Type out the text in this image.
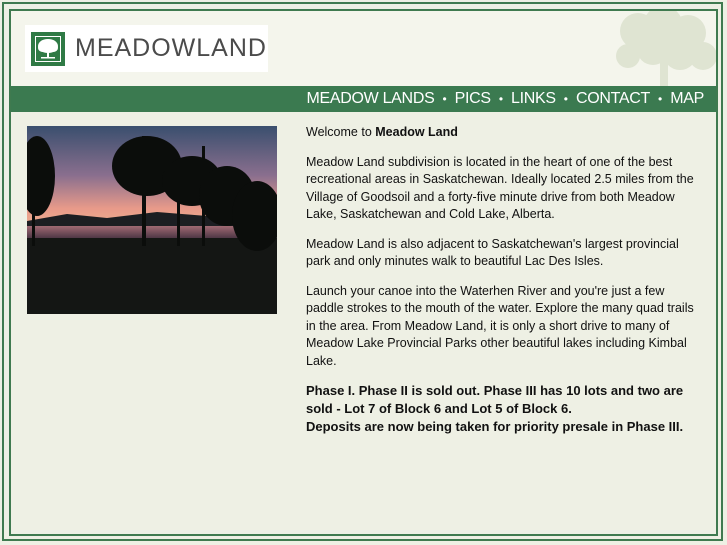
MEADOWLAND
MEADOW LANDS • PICS • LINKS • CONTACT • MAP

Welcome to Meadow Land

Meadow Land subdivision is located in the heart of one of the best recreational areas in Saskatchewan. Ideally located 2.5 miles from the Village of Goodsoil and a forty-five minute drive from both Meadow Lake, Saskatchewan and Cold Lake, Alberta.

Meadow Land is also adjacent to Saskatchewan's largest provincial park and only minutes walk to beautiful Lac Des Isles.

Launch your canoe into the Waterhen River and you're just a few paddle strokes to the mouth of the water. Explore the many quad trails in the area. From Meadow Land, it is only a short drive to many of Meadow Lake Provincial Parks other beautiful lakes including Kimbal Lake.

Phase I. Phase II is sold out. Phase III has 10 lots and two are sold - Lot 7 of Block 6 and Lot 5 of Block 6.
Deposits are now being taken for priority presale in Phase III.
